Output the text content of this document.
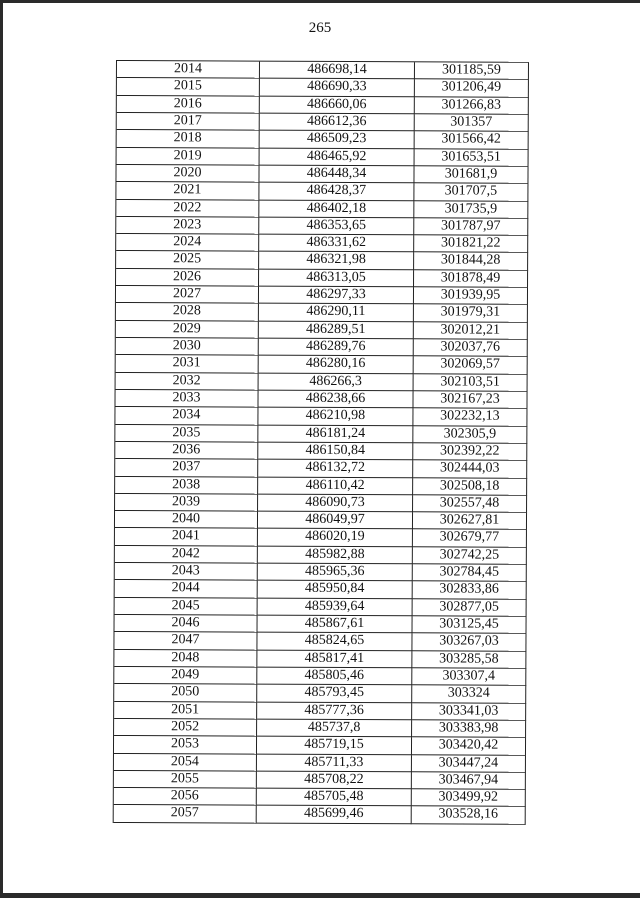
265
2014	486698,14	301185,59
2015	486690,33	301206,49
2016	486660,06	301266,83
2017	486612,36	301357
2018	486509,23	301566,42
2019	486465,92	301653,51
2020	486448,34	301681,9
2021	486428,37	301707,5
2022	486402,18	301735,9
2023	486353,65	301787,97
2024	486331,62	301821,22
2025	486321,98	301844,28
2026	486313,05	301878,49
2027	486297,33	301939,95
2028	486290,11	301979,31
2029	486289,51	302012,21
2030	486289,76	302037,76
2031	486280,16	302069,57
2032	486266,3	302103,51
2033	486238,66	302167,23
2034	486210,98	302232,13
2035	486181,24	302305,9
2036	486150,84	302392,22
2037	486132,72	302444,03
2038	486110,42	302508,18
2039	486090,73	302557,48
2040	486049,97	302627,81
2041	486020,19	302679,77
2042	485982,88	302742,25
2043	485965,36	302784,45
2044	485950,84	302833,86
2045	485939,64	302877,05
2046	485867,61	303125,45
2047	485824,65	303267,03
2048	485817,41	303285,58
2049	485805,46	303307,4
2050	485793,45	303324
2051	485777,36	303341,03
2052	485737,8	303383,98
2053	485719,15	303420,42
2054	485711,33	303447,24
2055	485708,22	303467,94
2056	485705,48	303499,92
2057	485699,46	303528,16
